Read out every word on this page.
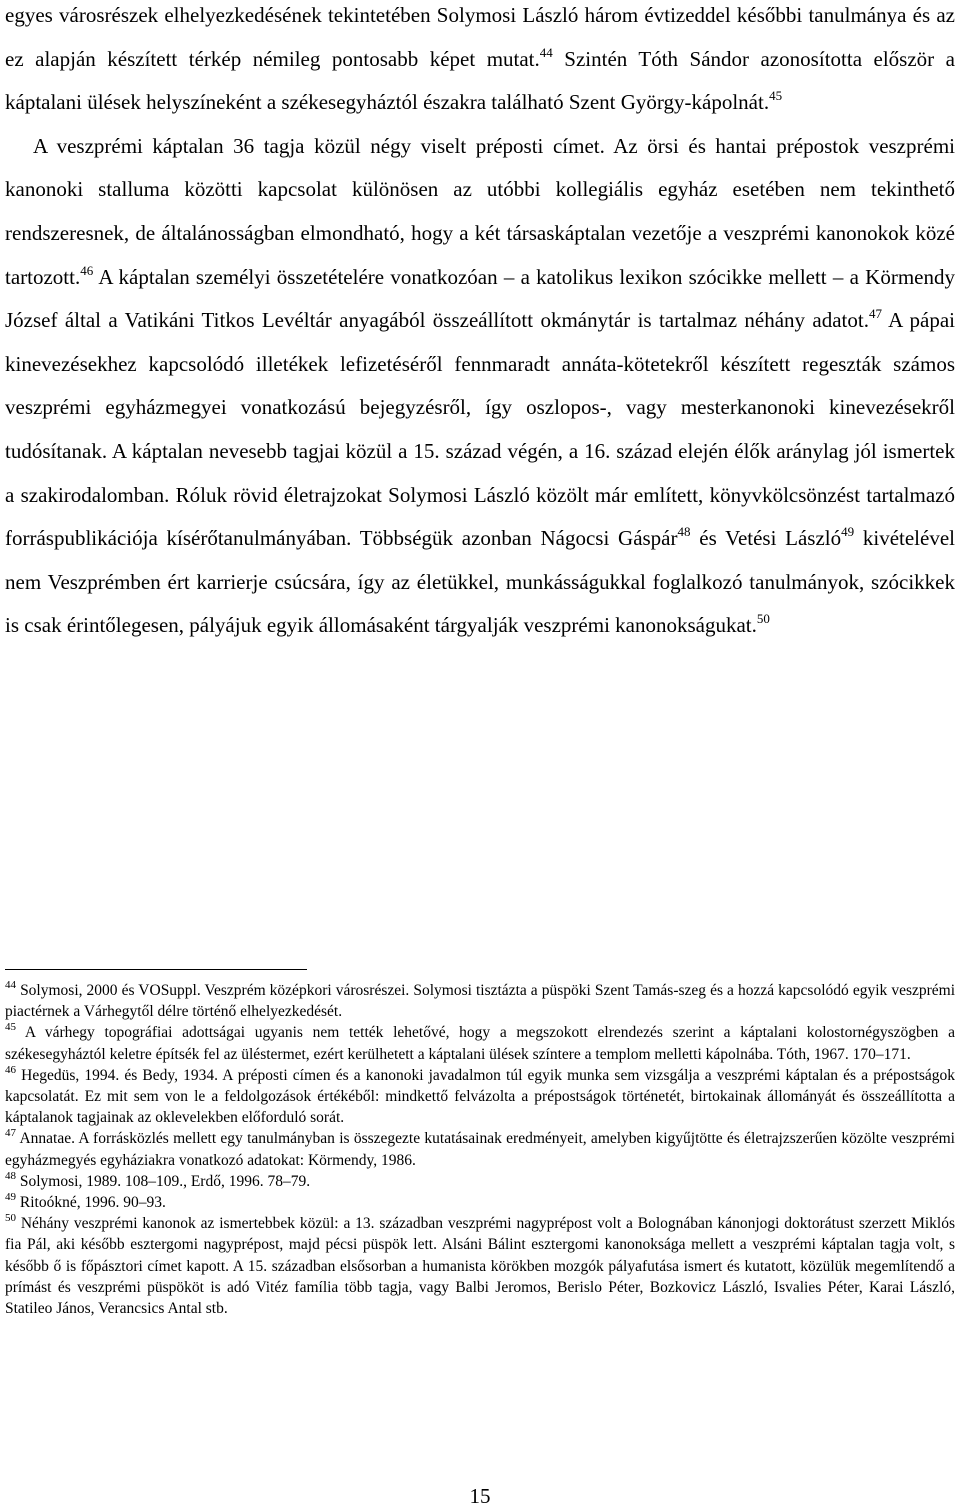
egyes városrészek elhelyezkedésének tekintetében Solymosi László három évtizeddel későbbi tanulmánya és az ez alapján készített térkép némileg pontosabb képet mutat.$^{44}$ Szintén Tóth Sándor azonosította először a káptalani ülések helyszíneként a székesegyháztól északra található Szent György-kápolnát.$^{45}$

A veszprémi káptalan 36 tagja közül négy viselt préposti címet. Az örsi és hantai prépostok veszprémi kanonoki stalluma közötti kapcsolat különösen az utóbbi kollegiális egyház esetében nem tekinthető rendszeresnek, de általánosságban elmondható, hogy a két társaskáptalan vezetője a veszprémi kanonokok közé tartozott.$^{46}$ A káptalan személyi összetételére vonatkozóan – a katolikus lexikon szócikke mellett – a Körmendy József által a Vatikáni Titkos Levéltár anyagából összeállított okmánytár is tartalmaz néhány adatot.$^{47}$ A pápai kinevezésekhez kapcsolódó illetékek lefizetéséről fennmaradt annáta-kötetekről készített regeszták számos veszprémi egyházmegyei vonatkozású bejegyzésről, így oszlopos-, vagy mesterkanonoki kinevezésekről tudósítanak. A káptalan nevesebb tagjai közül a 15. század végén, a 16. század elején élők aránylag jól ismertek a szakirodalomban. Róluk rövid életrajzokat Solymosi László közölt már említett, könyvkölcsönzést tartalmazó forráspublikációja kísérőtanulmányában. Többségük azonban Nágocsi Gáspár$^{48}$ és Vetési László$^{49}$ kivételével nem Veszprémben ért karrierje csúcsára, így az életükkel, munkásságukkal foglalkozó tanulmányok, szócikkek is csak érintőlegesen, pályájuk egyik állomásaként tárgyalják veszprémi kanonokságukat.$^{50}$

$^{44}$ Solymosi, 2000 és VOSuppl. Veszprém középkori városrészei. Solymosi tisztázta a püspöki Szent Tamás-szeg és a hozzá kapcsolódó egyik veszprémi piactérnek a Várhegytől délre történő elhelyezkedését.

$^{45}$ A várhegy topográfiai adottságai ugyanis nem tették lehetővé, hogy a megszokott elrendezés szerint a káptalani kolostornégyszögben a székesegyháztól keletre építsék fel az üléstermet, ezért kerülhetett a káptalani ülések színtere a templom melletti kápolnába. Tóth, 1967. 170–171.

$^{46}$ Hegedüs, 1994. és Bedy, 1934. A préposti címen és a kanonoki javadalmon túl egyik munka sem vizsgálja a veszprémi káptalan és a prépostságok kapcsolatát. Ez mit sem von le a feldolgozások értékéből: mindkettő felvázolta a prépostságok történetét, birtokainak állományát és összeállította a káptalanok tagjainak az oklevelekben előforduló sorát.

$^{47}$ Annatae. A forrásközlés mellett egy tanulmányban is összegezte kutatásainak eredményeit, amelyben kigyűjtötte és életrajzszerűen közölte veszprémi egyházmegyés egyháziakra vonatkozó adatokat: Körmendy, 1986.

$^{48}$ Solymosi, 1989. 108–109., Erdő, 1996. 78–79.

$^{49}$ Ritoókné, 1996. 90–93.

$^{50}$ Néhány veszprémi kanonok az ismertebbek közül: a 13. században veszprémi nagyprépost volt a Bolognában kánonjogi doktorátust szerzett Miklós fia Pál, aki később esztergomi nagyprépost, majd pécsi püspök lett. Alsáni Bálint esztergomi kanonoksága mellett a veszprémi káptalan tagja volt, s később ő is főpásztori címet kapott. A 15. században elsősorban a humanista körökben mozgók pályafutása ismert és kutatott, közülük megemlítendő a prímást és veszprémi püspököt is adó Vitéz família több tagja, vagy Balbi Jeromos, Berislo Péter, Bozkovicz László, Isvalies Péter, Karai László, Statileo János, Verancsics Antal stb.

15
